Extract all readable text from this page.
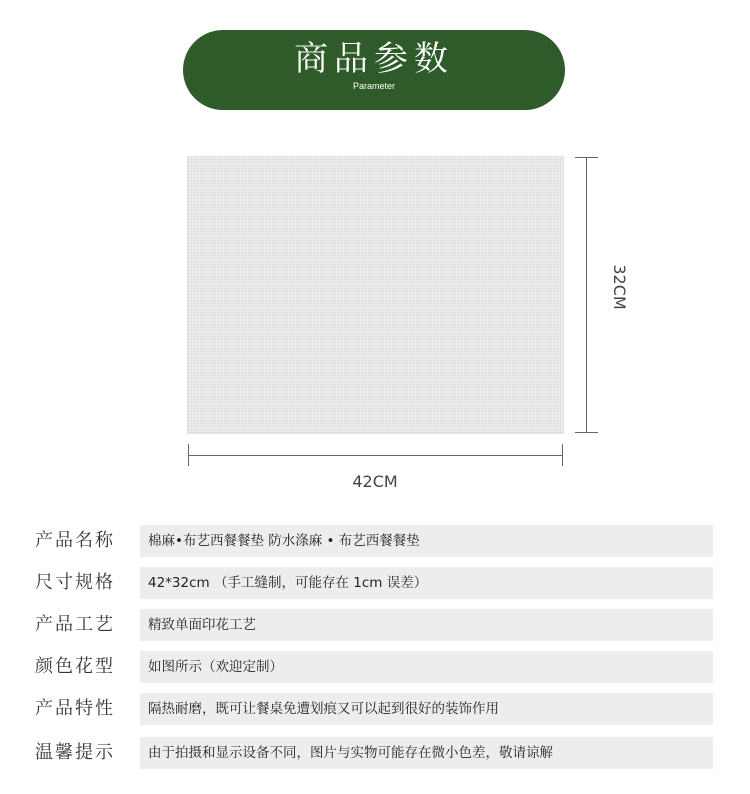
商品参数
Parameter
32CM
42CM
产品名称	棉麻•布艺西餐餐垫 防水涤麻 • 布艺西餐餐垫
尺寸规格	42*32cm （手工缝制，可能存在 1cm 误差）
产品工艺	精致单面印花工艺
颜色花型	如图所示（欢迎定制）
产品特性	隔热耐磨，既可让餐桌免遭划痕又可以起到很好的装饰作用
温馨提示	由于拍摄和显示设备不同，图片与实物可能存在微小色差，敬请谅解
